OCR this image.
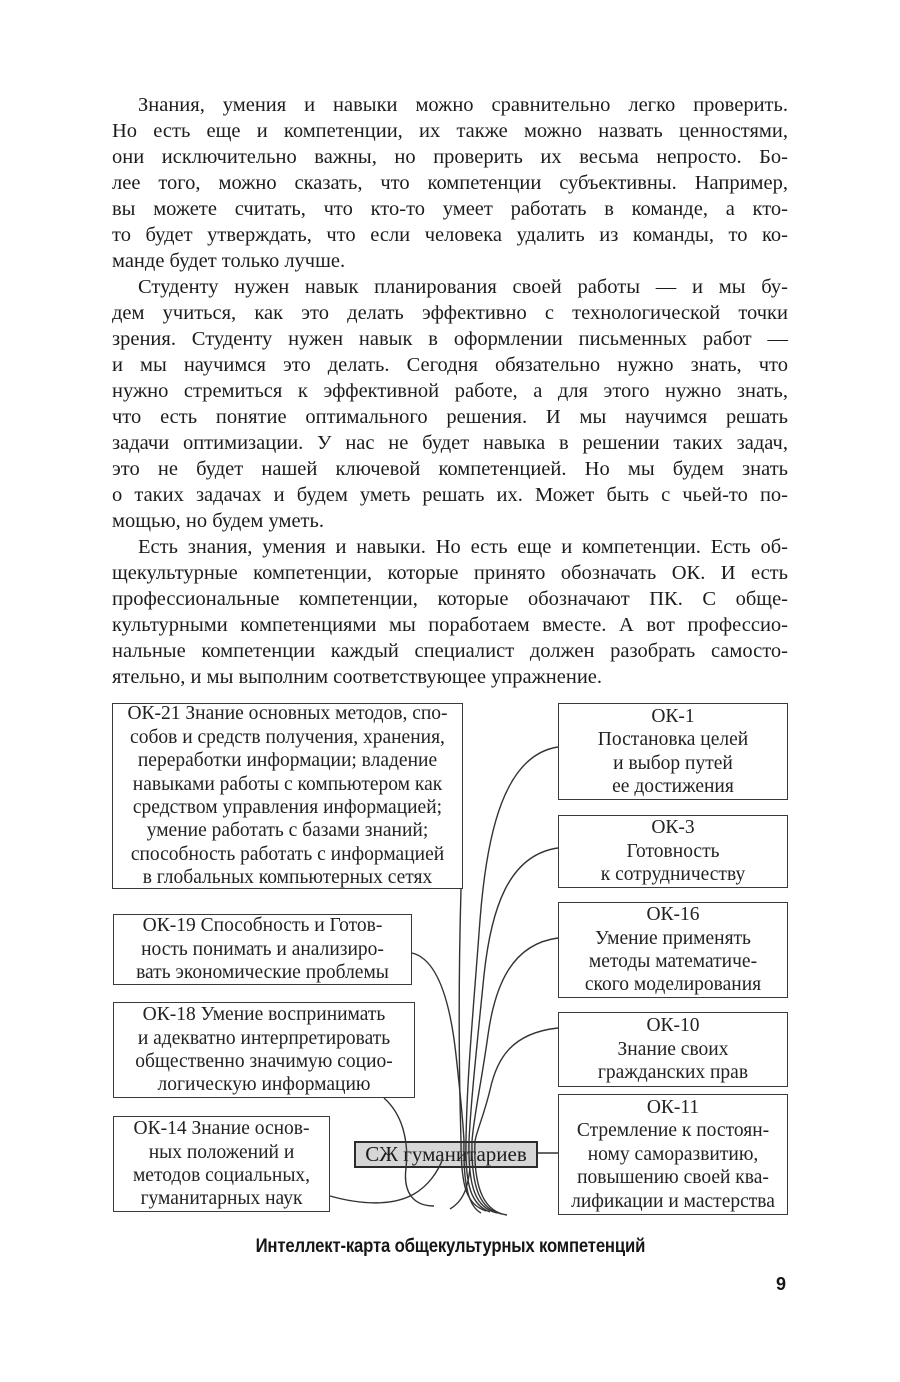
Знания, умения и навыки можно сравнительно легко проверить.
Но есть еще и компетенции, их также можно назвать ценностями,
они исключительно важны, но проверить их весьма непросто. Бо-
лее того, можно сказать, что компетенции субъективны. Например,
вы можете считать, что кто-то умеет работать в команде, а кто-
то будет утверждать, что если человека удалить из команды, то ко-
манде будет только лучше.
Студенту нужен навык планирования своей работы — и мы бу-
дем учиться, как это делать эффективно с технологической точки
зрения. Студенту нужен навык в оформлении письменных работ —
и мы научимся это делать. Сегодня обязательно нужно знать, что
нужно стремиться к эффективной работе, а для этого нужно знать,
что есть понятие оптимального решения. И мы научимся решать
задачи оптимизации. У нас не будет навыка в решении таких задач,
это не будет нашей ключевой компетенцией. Но мы будем знать
о таких задачах и будем уметь решать их. Может быть с чьей-то по-
мощью, но будем уметь.
Есть знания, умения и навыки. Но есть еще и компетенции. Есть об-
щекультурные компетенции, которые принято обозначать ОК. И есть
профессиональные компетенции, которые обозначают ПК. С обще-
культурными компетенциями мы поработаем вместе. А вот профессио-
нальные компетенции каждый специалист должен разобрать самосто-
ятельно, и мы выполним соответствующее упражнение.
ОК-21 Знание основных методов, спо-
собов и средств получения, хранения,
переработки информации; владение
навыками работы с компьютером как
средством управления информацией;
умение работать с базами знаний;
способность работать с информацией
в глобальных компьютерных сетях
ОК-19 Способность и Готов-
ность понимать и анализиро-
вать экономические проблемы
ОК-18 Умение воспринимать
и адекватно интерпретировать
общественно значимую социо-
логическую информацию
ОК-14 Знание основ-
ных положений и
методов социальных,
гуманитарных наук
ОК-1
Постановка целей
и выбор путей
ее достижения
ОК-3
Готовность
к сотрудничеству
ОК-16
Умение применять
методы математиче-
ского моделирования
ОК-10
Знание своих
гражданских прав
ОК-11
Стремление к постоян-
ному саморазвитию,
повышению своей ква-
лификации и мастерства
СЖ гуманитариев
Интеллект-карта общекультурных компетенций
9
